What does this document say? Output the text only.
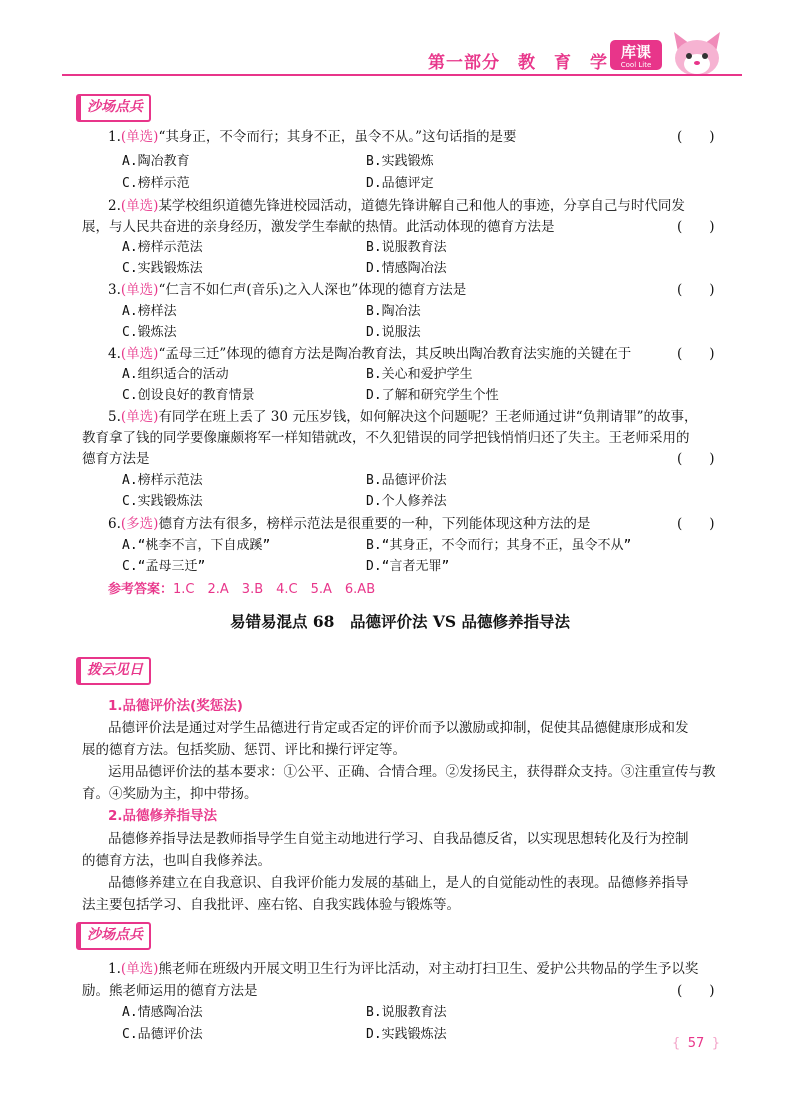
第一部分　教　育　学
库课
Cool Lite
沙场点兵
1.(单选)“其身正，不令而行；其身不正，虽令不从。”这句话指的是要	(　　)
A.陶冶教育	B.实践锻炼
C.榜样示范	D.品德评定
2.(单选)某学校组织道德先锋进校园活动，道德先锋讲解自己和他人的事迹，分享自己与时代同发
展，与人民共奋进的亲身经历，激发学生奉献的热情。此活动体现的德育方法是	(　　)
A.榜样示范法	B.说服教育法
C.实践锻炼法	D.情感陶冶法
3.(单选)“仁言不如仁声(音乐)之入人深也”体现的德育方法是	(　　)
A.榜样法	B.陶冶法
C.锻炼法	D.说服法
4.(单选)“孟母三迁”体现的德育方法是陶冶教育法，其反映出陶冶教育法实施的关键在于	(　　)
A.组织适合的活动	B.关心和爱护学生
C.创设良好的教育情景	D.了解和研究学生个性
5.(单选)有同学在班上丢了 30 元压岁钱，如何解决这个问题呢？王老师通过讲“负荆请罪”的故事，
教育拿了钱的同学要像廉颇将军一样知错就改，不久犯错误的同学把钱悄悄归还了失主。王老师采用的
德育方法是	(　　)
A.榜样示范法	B.品德评价法
C.实践锻炼法	D.个人修养法
6.(多选)德育方法有很多，榜样示范法是很重要的一种，下列能体现这种方法的是	(　　)
A.“桃李不言，下自成蹊”	B.“其身正，不令而行；其身不正，虽令不从”
C.“孟母三迁”	D.“言者无罪”
参考答案：1.C　2.A　3.B　4.C　5.A　6.AB
易错易混点 68　品德评价法 VS 品德修养指导法
拨云见日
1.品德评价法(奖惩法)
品德评价法是通过对学生品德进行肯定或否定的评价而予以激励或抑制，促使其品德健康形成和发
展的德育方法。包括奖励、惩罚、评比和操行评定等。
运用品德评价法的基本要求：①公平、正确、合情合理。②发扬民主，获得群众支持。③注重宣传与教
育。④奖励为主，抑中带扬。
2.品德修养指导法
品德修养指导法是教师指导学生自觉主动地进行学习、自我品德反省，以实现思想转化及行为控制
的德育方法，也叫自我修养法。
品德修养建立在自我意识、自我评价能力发展的基础上，是人的自觉能动性的表现。品德修养指导
法主要包括学习、自我批评、座右铭、自我实践体验与锻炼等。
沙场点兵
1.(单选)熊老师在班级内开展文明卫生行为评比活动，对主动打扫卫生、爱护公共物品的学生予以奖
励。熊老师运用的德育方法是	(　　)
A.情感陶冶法	B.说服教育法
C.品德评价法	D.实践锻炼法
{ 57 }
